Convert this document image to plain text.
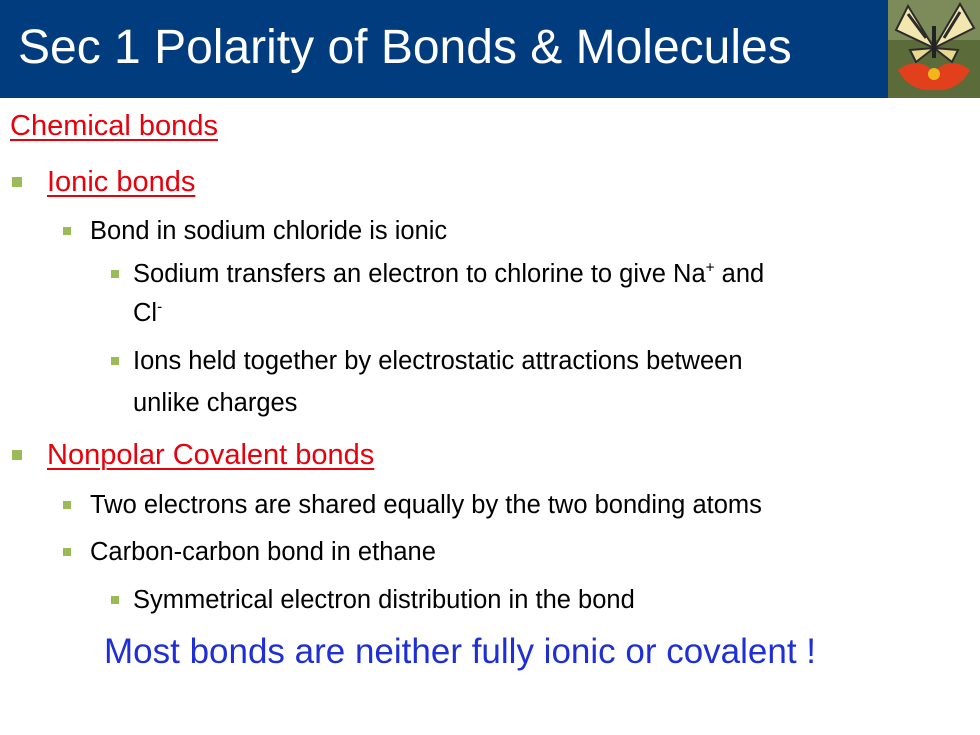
Sec 1 Polarity of Bonds & Molecules
Chemical bonds
Ionic bonds
Bond in sodium chloride is ionic
Sodium transfers an electron to chlorine to give Na+ and
Cl-
Ions held together by electrostatic attractions between
unlike charges
Nonpolar Covalent bonds
Two electrons are shared equally by the two bonding atoms
Carbon-carbon bond in ethane
Symmetrical electron distribution in the bond
Most bonds are neither fully ionic or covalent !
